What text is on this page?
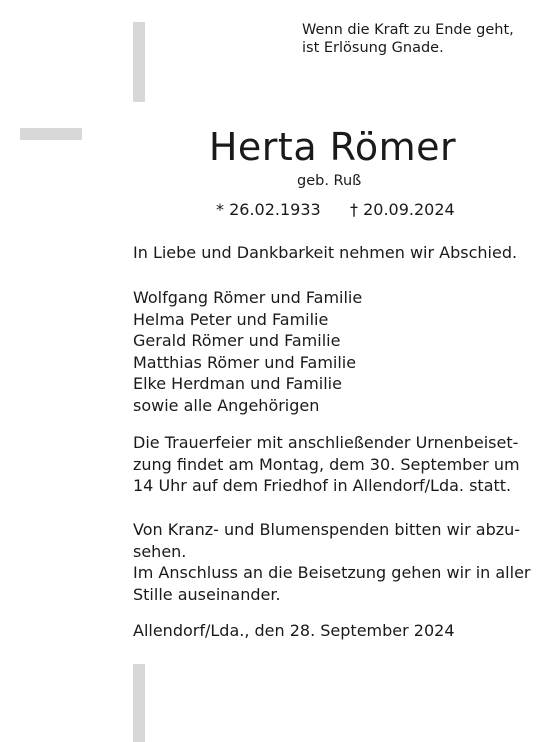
Wenn die Kraft zu Ende geht,
ist Erlösung Gnade.
Herta Römer
geb. Ruß
* 26.02.1933 † 20.09.2024
In Liebe und Dankbarkeit nehmen wir Abschied.
Wolfgang Römer und Familie
Helma Peter und Familie
Gerald Römer und Familie
Matthias Römer und Familie
Elke Herdman und Familie
sowie alle Angehörigen
Die Trauerfeier mit anschließender Urnenbeiset-
zung findet am Montag, dem 30. September um
14 Uhr auf dem Friedhof in Allendorf/Lda. statt.
Von Kranz- und Blumenspenden bitten wir abzu-
sehen.
Im Anschluss an die Beisetzung gehen wir in aller
Stille auseinander.
Allendorf/Lda., den 28. September 2024
